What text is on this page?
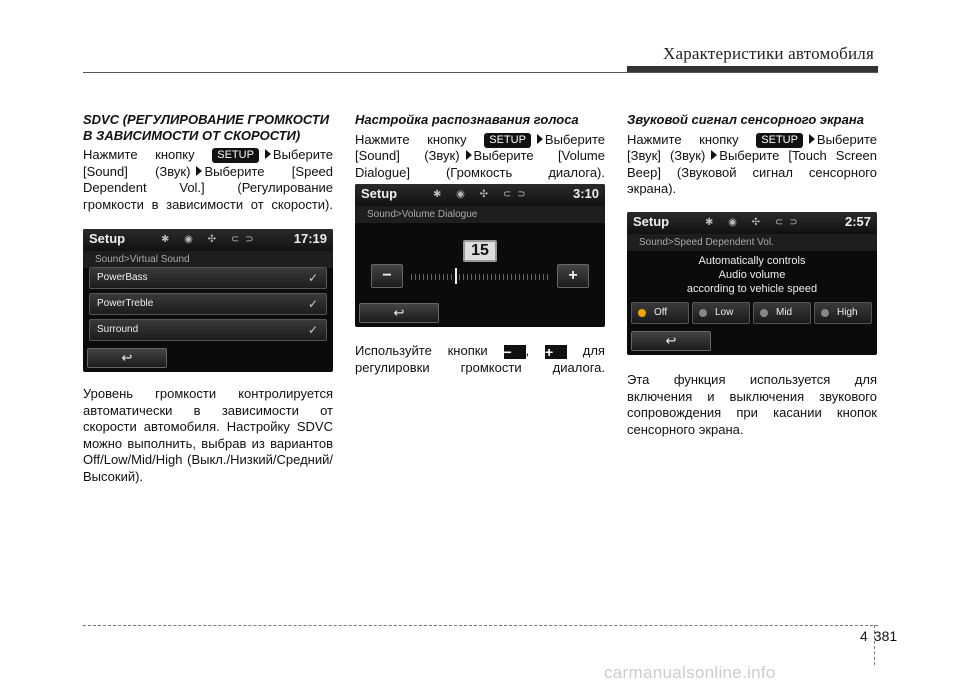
Характеристики автомобиля
SDVC (РЕГУЛИРОВАНИЕ ГРОМКОСТИ В ЗАВИСИМОСТИ ОТ СКОРОСТИ)

Нажмите кнопку SETUP Выберите [Sound] (Звук) Выберите [Speed Dependent Vol.] (Регулирование громкости в зависимости от скорости).

Setup	✱ ◉ ✣ ⊂⊃	17:19
Sound>Virtual Sound
PowerBass	✓
PowerTreble	✓
Surround	✓
↩

Уровень громкости контролируется автоматически в зависимости от скорости автомобиля. Настройку SDVC можно выполнить, выбрав из вариантов Off/Low/Mid/High (Выкл./Низкий/Средний/Высокий).

Настройка распознавания голоса

Нажмите кнопку SETUP Выберите [Sound] (Звук) Выберите [Volume Dialogue] (Громкость диалога).

Setup	✱ ◉ ✣ ⊂⊃	3:10
Sound>Volume Dialogue
15
−	+
↩

Используйте кнопки − , + для регулировки громкости диалога.

Звуковой сигнал сенсорного экрана

Нажмите кнопку SETUP Выберите [Звук] (Звук) Выберите [Touch Screen Beep] (Звуковой сигнал сенсорного экрана).

Setup	✱ ◉ ✣ ⊂⊃	2:57
Sound>Speed Dependent Vol.
Automatically controls
Audio volume
according to vehicle speed
Off	Low	Mid	High
↩

Эта функция используется для включения и выключения звукового сопровождения при касании кнопок сенсорного экрана.

4 381
carmanualsonline.info
